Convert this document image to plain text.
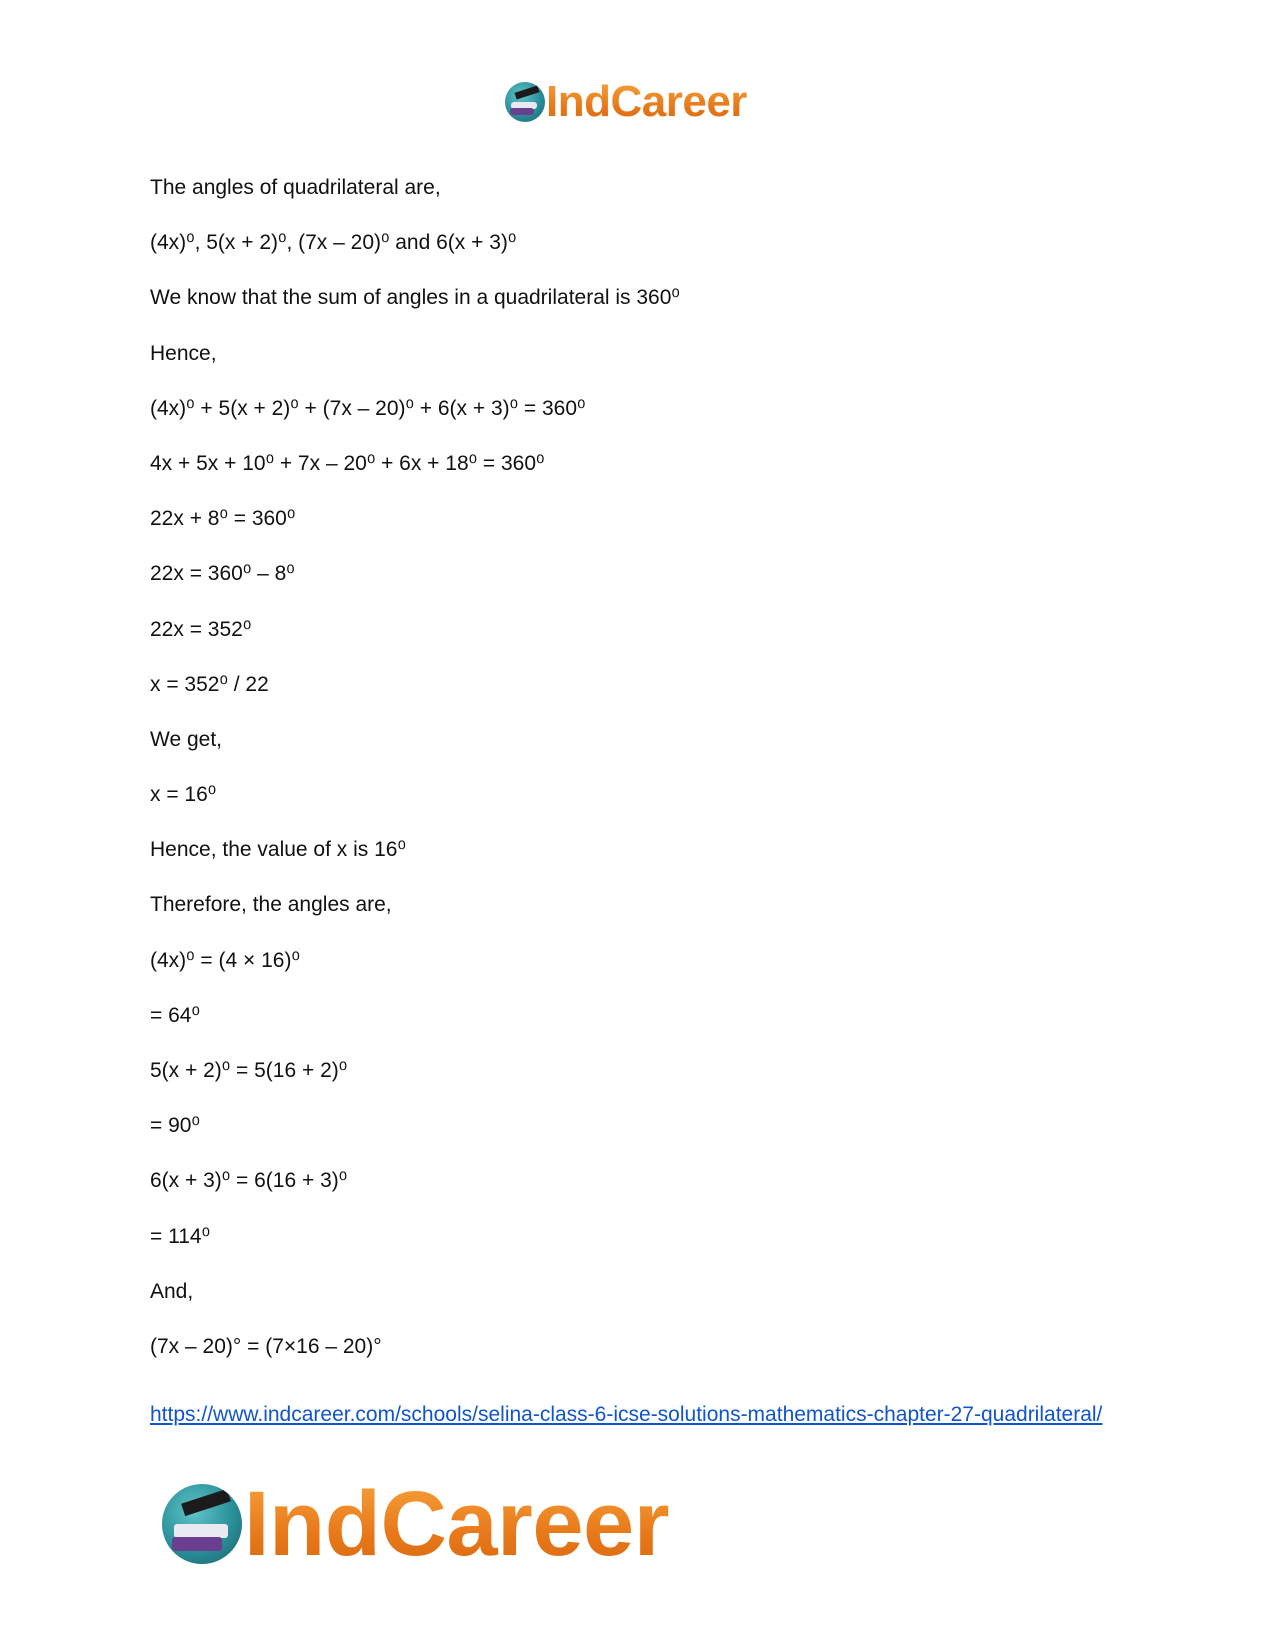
IndCareer
The angles of quadrilateral are,
(4x)⁰, 5(x + 2)⁰, (7x – 20)⁰ and 6(x + 3)⁰
We know that the sum of angles in a quadrilateral is 360⁰
Hence,
(4x)⁰ + 5(x + 2)⁰ + (7x – 20)⁰ + 6(x + 3)⁰ = 360⁰
4x + 5x + 10⁰ + 7x – 20⁰ + 6x + 18⁰ = 360⁰
22x + 8⁰ = 360⁰
22x = 360⁰ – 8⁰
22x = 352⁰
x = 352⁰ / 22
We get,
x = 16⁰
Hence, the value of x is 16⁰
Therefore, the angles are,
(4x)⁰ = (4 × 16)⁰
= 64⁰
5(x + 2)⁰ = 5(16 + 2)⁰
= 90⁰
6(x + 3)⁰ = 6(16 + 3)⁰
= 114⁰
And,
(7x – 20)° = (7×16 – 20)°
https://www.indcareer.com/schools/selina-class-6-icse-solutions-mathematics-chapter-27-quadrilateral/
IndCareer
